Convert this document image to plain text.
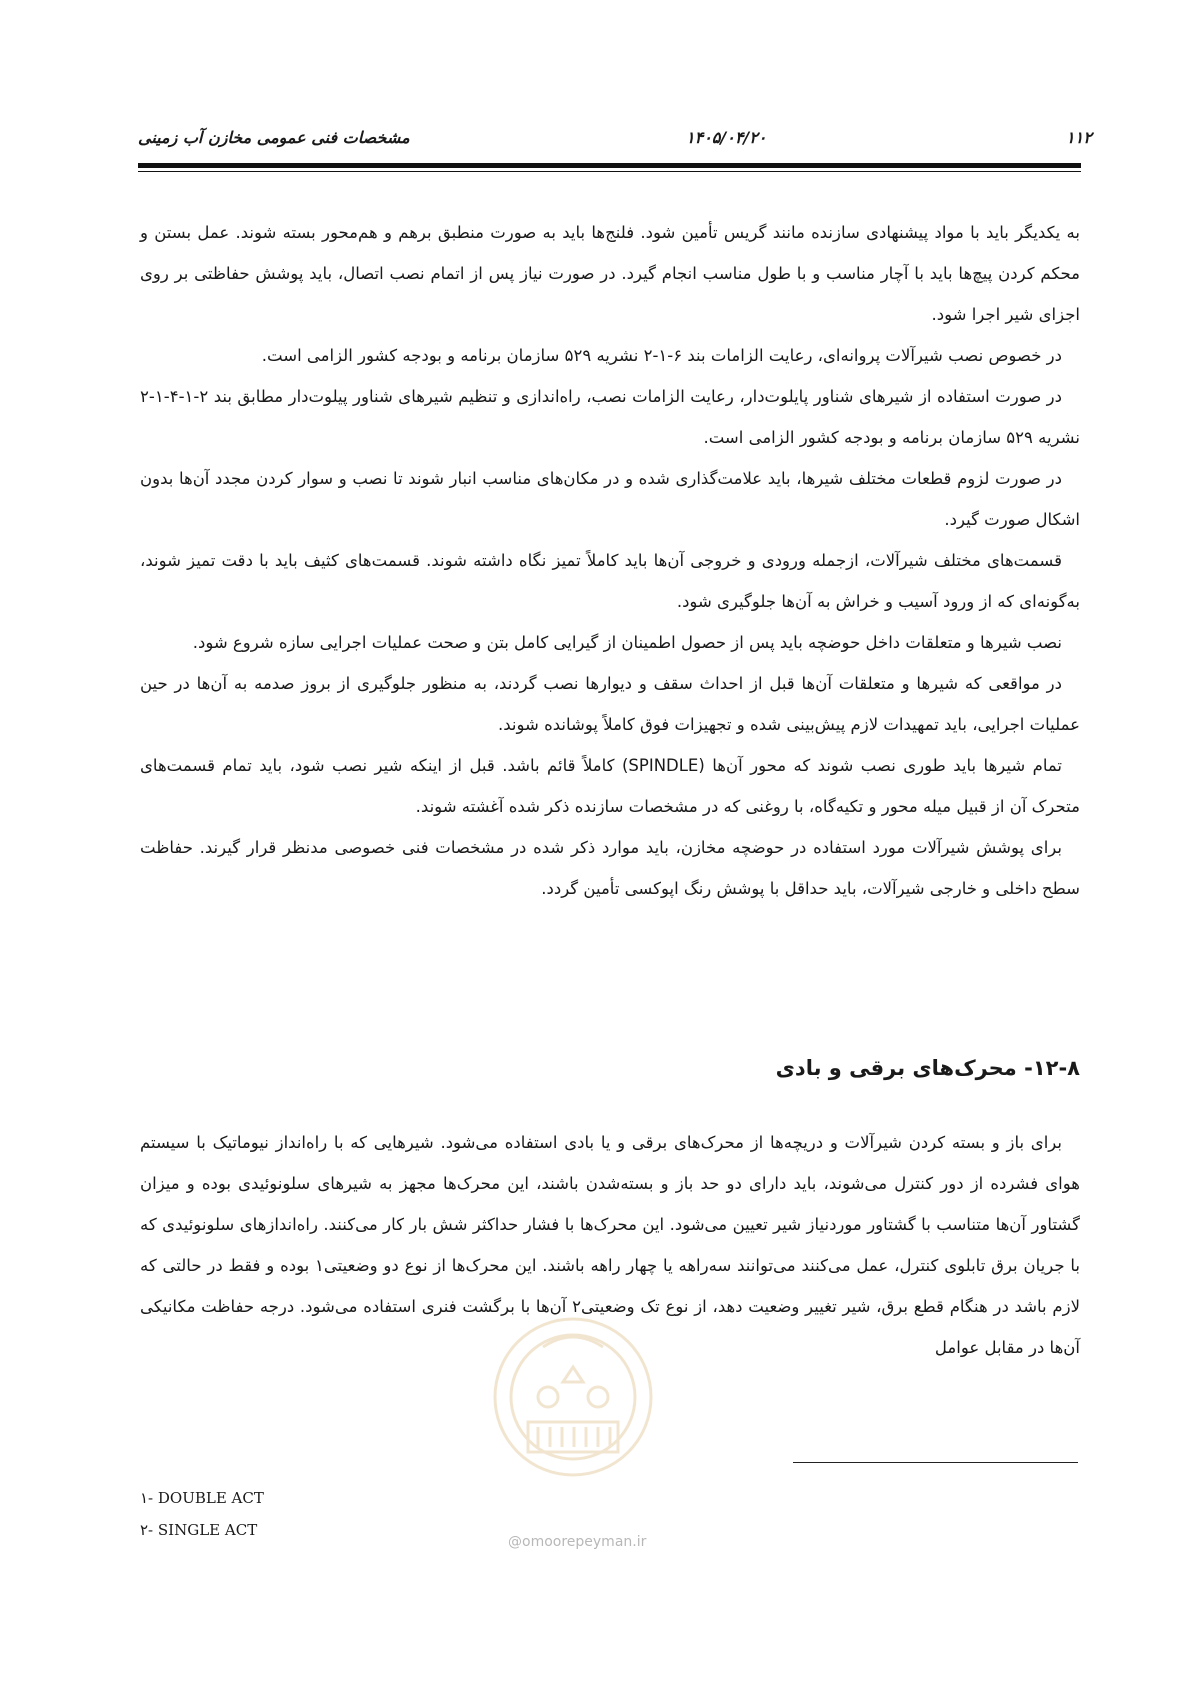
۱۱۲
۱۴۰۵/۰۴/۲۰
مشخصات فنی عمومی مخازن آب زمینی

به یکدیگر باید با مواد پیشنهادی سازنده مانند گریس تأمین شود. فلنج‌ها باید به صورت منطبق برهم و هم‌محور بسته شوند. عمل بستن و محکم کردن پیچ‌ها باید با آچار مناسب و با طول مناسب انجام گیرد. در صورت نیاز پس از اتمام نصب اتصال، باید پوشش حفاظتی بر روی اجزای شیر اجرا شود.

در خصوص نصب شیرآلات پروانه‌ای، رعایت الزامات بند ۶-۱-۲ نشریه ۵۲۹ سازمان برنامه و بودجه کشور الزامی است.

در صورت استفاده از شیرهای شناور پایلوت‌دار، رعایت الزامات نصب، راه‌اندازی و تنظیم شیرهای شناور پیلوت‌دار مطابق بند ۲-۱-۴-۱-۲ نشریه ۵۲۹ سازمان برنامه و بودجه کشور الزامی است.

در صورت لزوم قطعات مختلف شیرها، باید علامت‌گذاری شده و در مکان‌های مناسب انبار شوند تا نصب و سوار کردن مجدد آن‌ها بدون اشکال صورت گیرد.

قسمت‌های مختلف شیرآلات، ازجمله ورودی و خروجی آن‌ها باید کاملاً تمیز نگاه داشته شوند. قسمت‌های کثیف باید با دقت تمیز شوند، به‌گونه‌ای که از ورود آسیب و خراش به آن‌ها جلوگیری شود.

نصب شیرها و متعلقات داخل حوضچه باید پس از حصول اطمینان از گیرایی کامل بتن و صحت عملیات اجرایی سازه شروع شود.

در مواقعی که شیرها و متعلقات آن‌ها قبل از احداث سقف و دیوارها نصب گردند، به منظور جلوگیری از بروز صدمه به آن‌ها در حین عملیات اجرایی، باید تمهیدات لازم پیش‌بینی شده و تجهیزات فوق کاملاً پوشانده شوند.

تمام شیرها باید طوری نصب شوند که محور آن‌ها (SPINDLE) کاملاً قائم باشد. قبل از اینکه شیر نصب شود، باید تمام قسمت‌های متحرک آن از قبیل میله محور و تکیه‌گاه، با روغنی که در مشخصات سازنده ذکر شده آغشته شوند.

برای پوشش شیرآلات مورد استفاده در حوضچه مخازن، باید موارد ذکر شده در مشخصات فنی خصوصی مدنظر قرار گیرند. حفاظت سطح داخلی و خارجی شیرآلات، باید حداقل با پوشش رنگ اپوکسی تأمین گردد.

۱۲-۸- محرک‌های برقی و بادی

برای باز و بسته کردن شیرآلات و دریچه‌ها از محرک‌های برقی و یا بادی استفاده می‌شود. شیرهایی که با راه‌انداز نیوماتیک با سیستم هوای فشرده از دور کنترل می‌شوند، باید دارای دو حد باز و بسته‌شدن باشند، این محرک‌ها مجهز به شیرهای سلونوئیدی بوده و میزان گشتاور آن‌ها متناسب با گشتاور موردنیاز شیر تعیین می‌شود. این محرک‌ها با فشار حداکثر شش بار کار می‌کنند. راه‌اندازهای سلونوئیدی که با جریان برق تابلوی کنترل، عمل می‌کنند می‌توانند سه‌راهه یا چهار راهه باشند. این محرک‌ها از نوع دو وضعیتی۱ بوده و فقط در حالتی که لازم باشد در هنگام قطع برق، شیر تغییر وضعیت دهد، از نوع تک وضعیتی۲ آن‌ها با برگشت فنری استفاده می‌شود. درجه حفاظت مکانیکی آن‌ها در مقابل عوامل

@omoorepeyman.ir
۱- DOUBLE ACT
۲- SINGLE ACT
